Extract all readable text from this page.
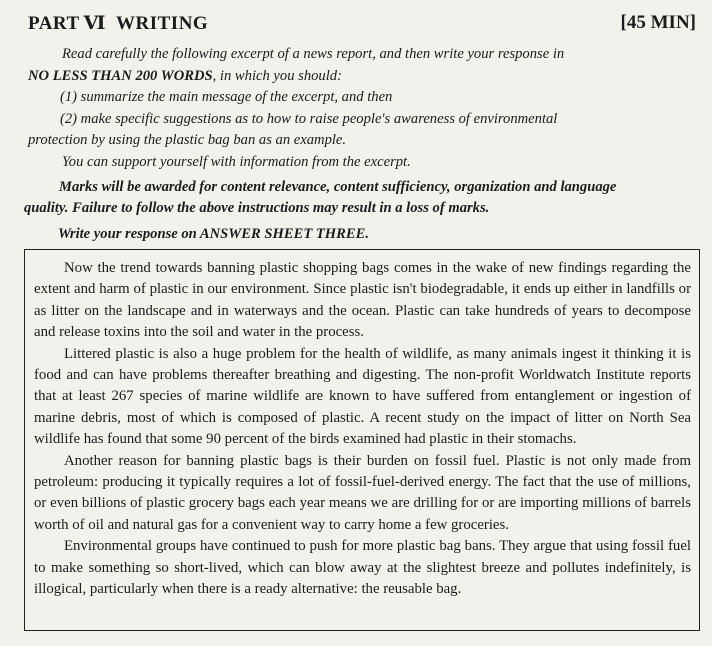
PART Ⅵ WRITING	[45 MIN]

Read carefully the following excerpt of a news report, and then write your response in

NO LESS THAN 200 WORDS, in which you should:

(1) summarize the main message of the excerpt, and then

(2) make specific suggestions as to how to raise people's awareness of environmental

protection by using the plastic bag ban as an example.

You can support yourself with information from the excerpt.

Marks will be awarded for content relevance, content sufficiency, organization and language
quality. Failure to follow the above instructions may result in a loss of marks.
Write your response on ANSWER SHEET THREE.

Now the trend towards banning plastic shopping bags comes in the wake of new findings regarding the extent and harm of plastic in our environment. Since plastic isn't biodegradable, it ends up either in landfills or as litter on the landscape and in waterways and the ocean. Plastic can take hundreds of years to decompose and release toxins into the soil and water in the process.

Littered plastic is also a huge problem for the health of wildlife, as many animals ingest it thinking it is food and can have problems thereafter breathing and digesting. The non-profit Worldwatch Institute reports that at least 267 species of marine wildlife are known to have suffered from entanglement or ingestion of marine debris, most of which is composed of plastic. A recent study on the impact of litter on North Sea wildlife has found that some 90 percent of the birds examined had plastic in their stomachs.

Another reason for banning plastic bags is their burden on fossil fuel. Plastic is not only made from petroleum: producing it typically requires a lot of fossil-fuel-derived energy. The fact that the use of millions, or even billions of plastic grocery bags each year means we are drilling for or are importing millions of barrels worth of oil and natural gas for a convenient way to carry home a few groceries.

Environmental groups have continued to push for more plastic bag bans. They argue that using fossil fuel to make something so short-lived, which can blow away at the slightest breeze and pollutes indefinitely, is illogical, particularly when there is a ready alternative: the reusable bag.
